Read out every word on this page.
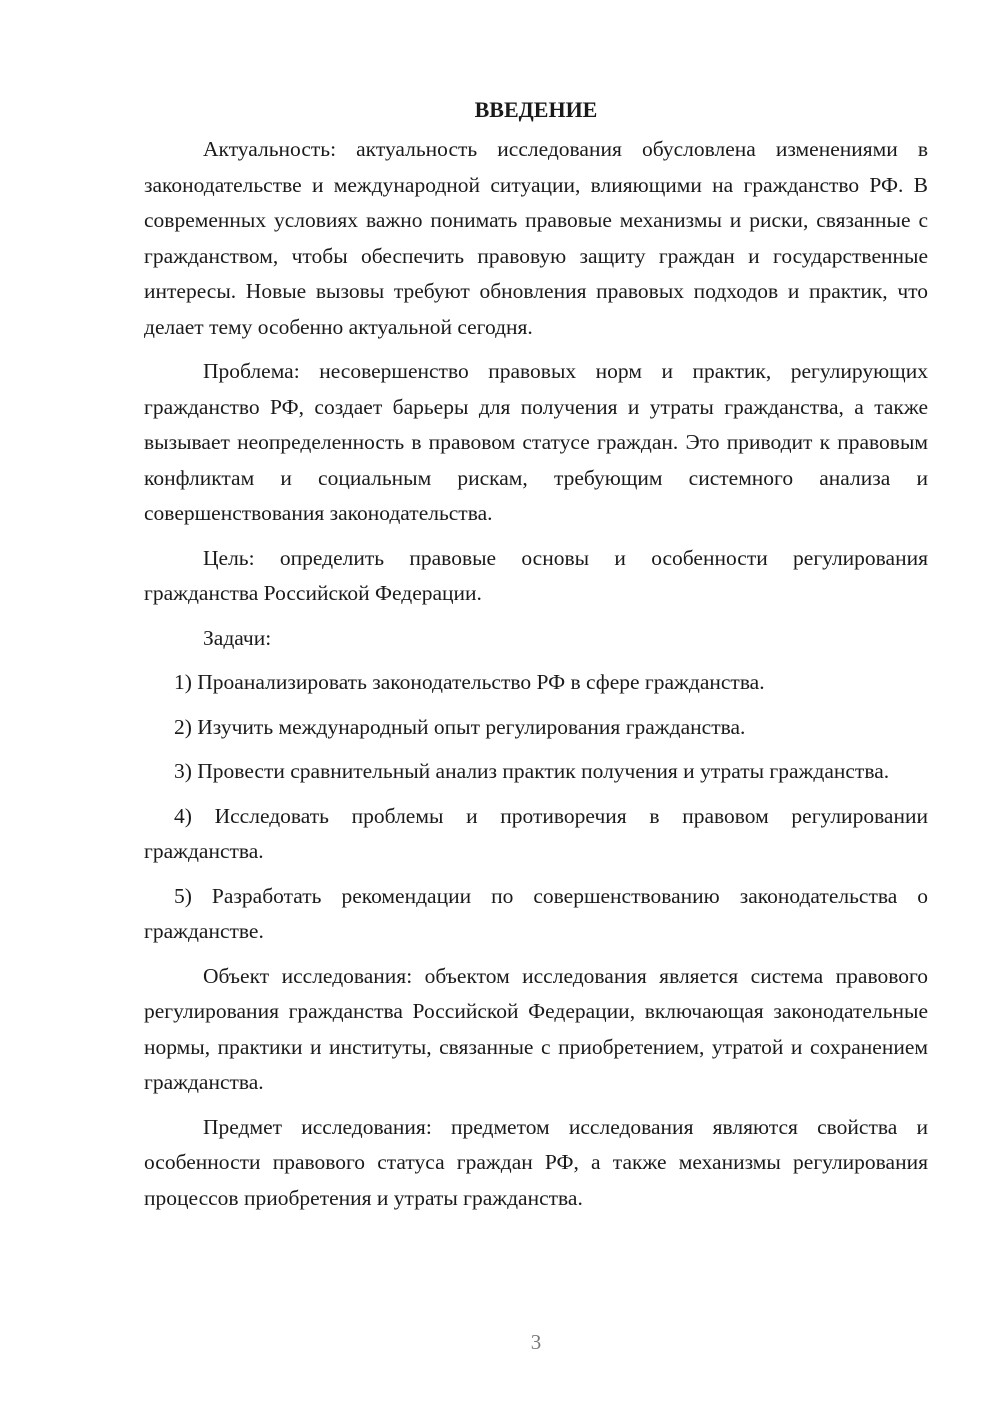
ВВЕДЕНИЕ

Актуальность: актуальность исследования обусловлена изменениями в законодательстве и международной ситуации, влияющими на гражданство РФ. В современных условиях важно понимать правовые механизмы и риски, связанные с гражданством, чтобы обеспечить правовую защиту граждан и государственные интересы. Новые вызовы требуют обновления правовых подходов и практик, что делает тему особенно актуальной сегодня.

Проблема: несовершенство правовых норм и практик, регулирующих гражданство РФ, создает барьеры для получения и утраты гражданства, а также вызывает неопределенность в правовом статусе граждан. Это приводит к правовым конфликтам и социальным рискам, требующим системного анализа и совершенствования законодательства.

Цель: определить правовые основы и особенности регулирования гражданства Российской Федерации.

Задачи:

1) Проанализировать законодательство РФ в сфере гражданства.

2) Изучить международный опыт регулирования гражданства.

3) Провести сравнительный анализ практик получения и утраты гражданства.

4) Исследовать проблемы и противоречия в правовом регулировании гражданства.

5) Разработать рекомендации по совершенствованию законодательства о гражданстве.

Объект исследования: объектом исследования является система правового регулирования гражданства Российской Федерации, включающая законодательные нормы, практики и институты, связанные с приобретением, утратой и сохранением гражданства.

Предмет исследования: предметом исследования являются свойства и особенности правового статуса граждан РФ, а также механизмы регулирования процессов приобретения и утраты гражданства.

3
